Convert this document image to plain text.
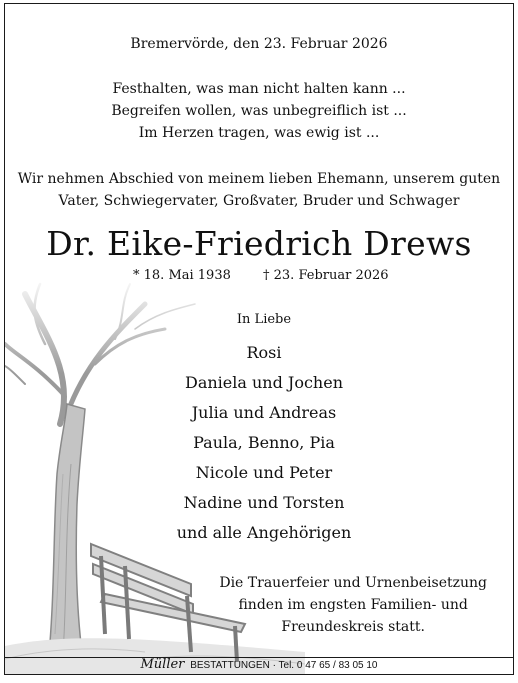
Bremervörde, den 23. Februar 2026
Festhalten, was man nicht halten kann ...
Begreifen wollen, was unbegreiflich ist ...
Im Herzen tragen, was ewig ist ...
Wir nehmen Abschied von meinem lieben Ehemann, unserem guten
Vater, Schwiegervater, Großvater, Bruder und Schwager
Dr. Eike-Friedrich Drews
* 18. Mai 1938 † 23. Februar 2026
In Liebe
Rosi
Daniela und Jochen
Julia und Andreas
Paula, Benno, Pia
Nicole und Peter
Nadine und Torsten
und alle Angehörigen
Die Trauerfeier und Urnenbeisetzung
finden im engsten Familien- und
Freundeskreis statt.
Müller BESTATTUNGEN · Tel. 0 47 65 / 83 05 10
